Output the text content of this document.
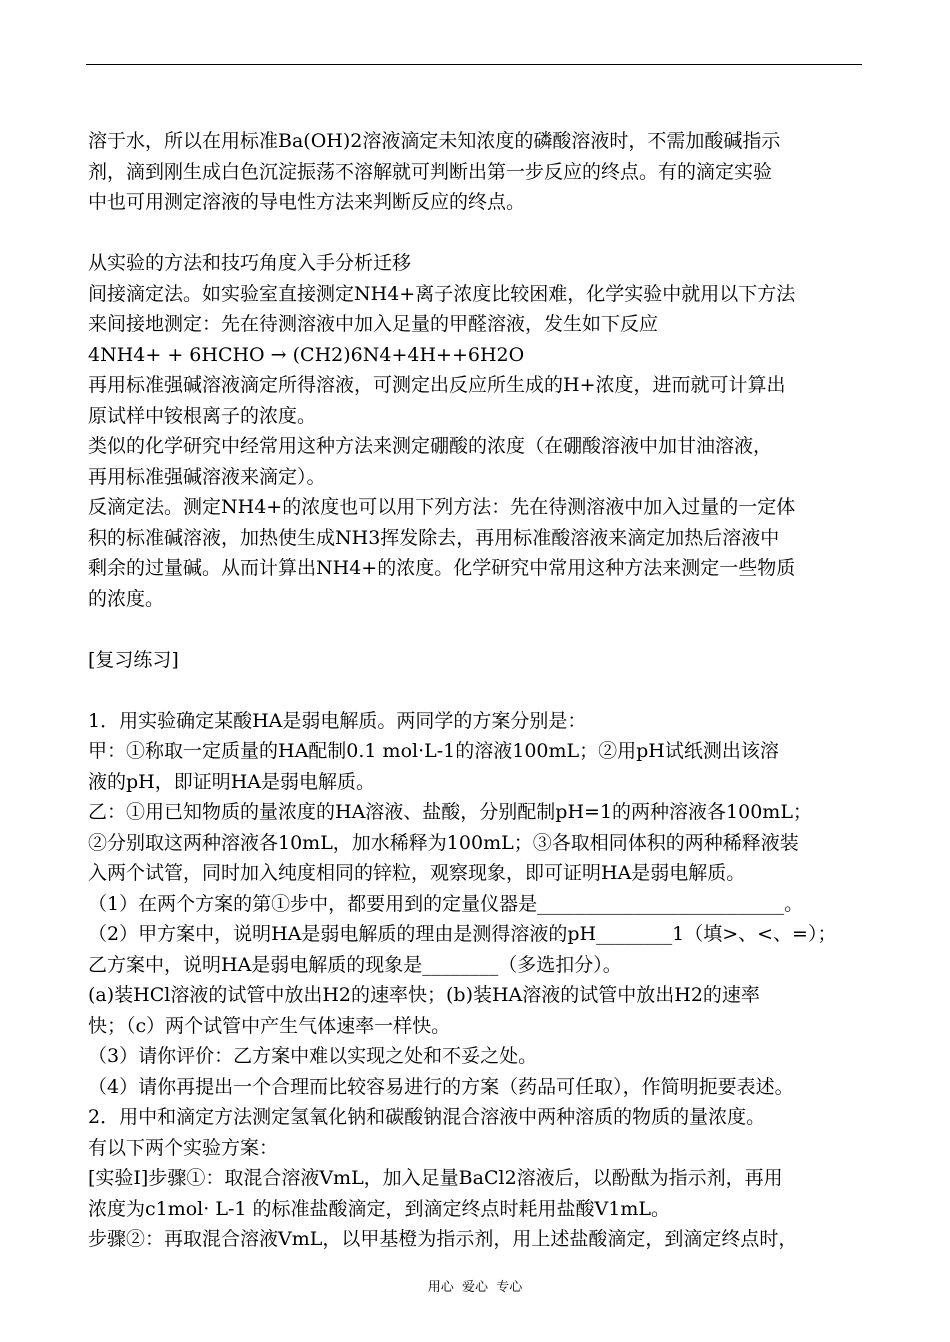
溶于水，所以在用标准Ba(OH)2溶液滴定未知浓度的磷酸溶液时，不需加酸碱指示
剂，滴到刚生成白色沉淀振荡不溶解就可判断出第一步反应的终点。有的滴定实验
中也可用测定溶液的导电性方法来判断反应的终点。
从实验的方法和技巧角度入手分析迁移
间接滴定法。如实验室直接测定NH4+离子浓度比较困难，化学实验中就用以下方法
来间接地测定：先在待测溶液中加入足量的甲醛溶液，发生如下反应
4NH4+ + 6HCHO → (CH2)6N4+4H++6H2O
再用标准强碱溶液滴定所得溶液，可测定出反应所生成的H+浓度，进而就可计算出
原试样中铵根离子的浓度。
类似的化学研究中经常用这种方法来测定硼酸的浓度（在硼酸溶液中加甘油溶液，
再用标准强碱溶液来滴定）。
反滴定法。测定NH4+的浓度也可以用下列方法：先在待测溶液中加入过量的一定体
积的标准碱溶液，加热使生成NH3挥发除去，再用标准酸溶液来滴定加热后溶液中
剩余的过量碱。从而计算出NH4+的浓度。化学研究中常用这种方法来测定一些物质
的浓度。
[复习练习]
1．用实验确定某酸HA是弱电解质。两同学的方案分别是：
甲：①称取一定质量的HA配制0.1 mol·L-1的溶液100mL；②用pH试纸测出该溶
液的pH，即证明HA是弱电解质。
乙：①用已知物质的量浓度的HA溶液、盐酸，分别配制pH=1的两种溶液各100mL；
②分别取这两种溶液各10mL，加水稀释为100mL；③各取相同体积的两种稀释液装
入两个试管，同时加入纯度相同的锌粒，观察现象，即可证明HA是弱电解质。
（1）在两个方案的第①步中，都要用到的定量仪器是__________________________。
（2）甲方案中，说明HA是弱电解质的理由是测得溶液的pH________1（填>、<、=）；
乙方案中，说明HA是弱电解质的现象是________（多选扣分）。
(a)装HCl溶液的试管中放出H2的速率快；(b)装HA溶液的试管中放出H2的速率
快；（c）两个试管中产生气体速率一样快。
（3）请你评价：乙方案中难以实现之处和不妥之处。
（4）请你再提出一个合理而比较容易进行的方案（药品可任取），作简明扼要表述。
2．用中和滴定方法测定氢氧化钠和碳酸钠混合溶液中两种溶质的物质的量浓度。
有以下两个实验方案：
[实验Ⅰ]步骤①：取混合溶液VmL，加入足量BaCl2溶液后，以酚酞为指示剂，再用
浓度为c1mol· L-1 的标准盐酸滴定，到滴定终点时耗用盐酸V1mL。
步骤②：再取混合溶液VmL，以甲基橙为指示剂，用上述盐酸滴定，到滴定终点时，
用心  爱心  专心
